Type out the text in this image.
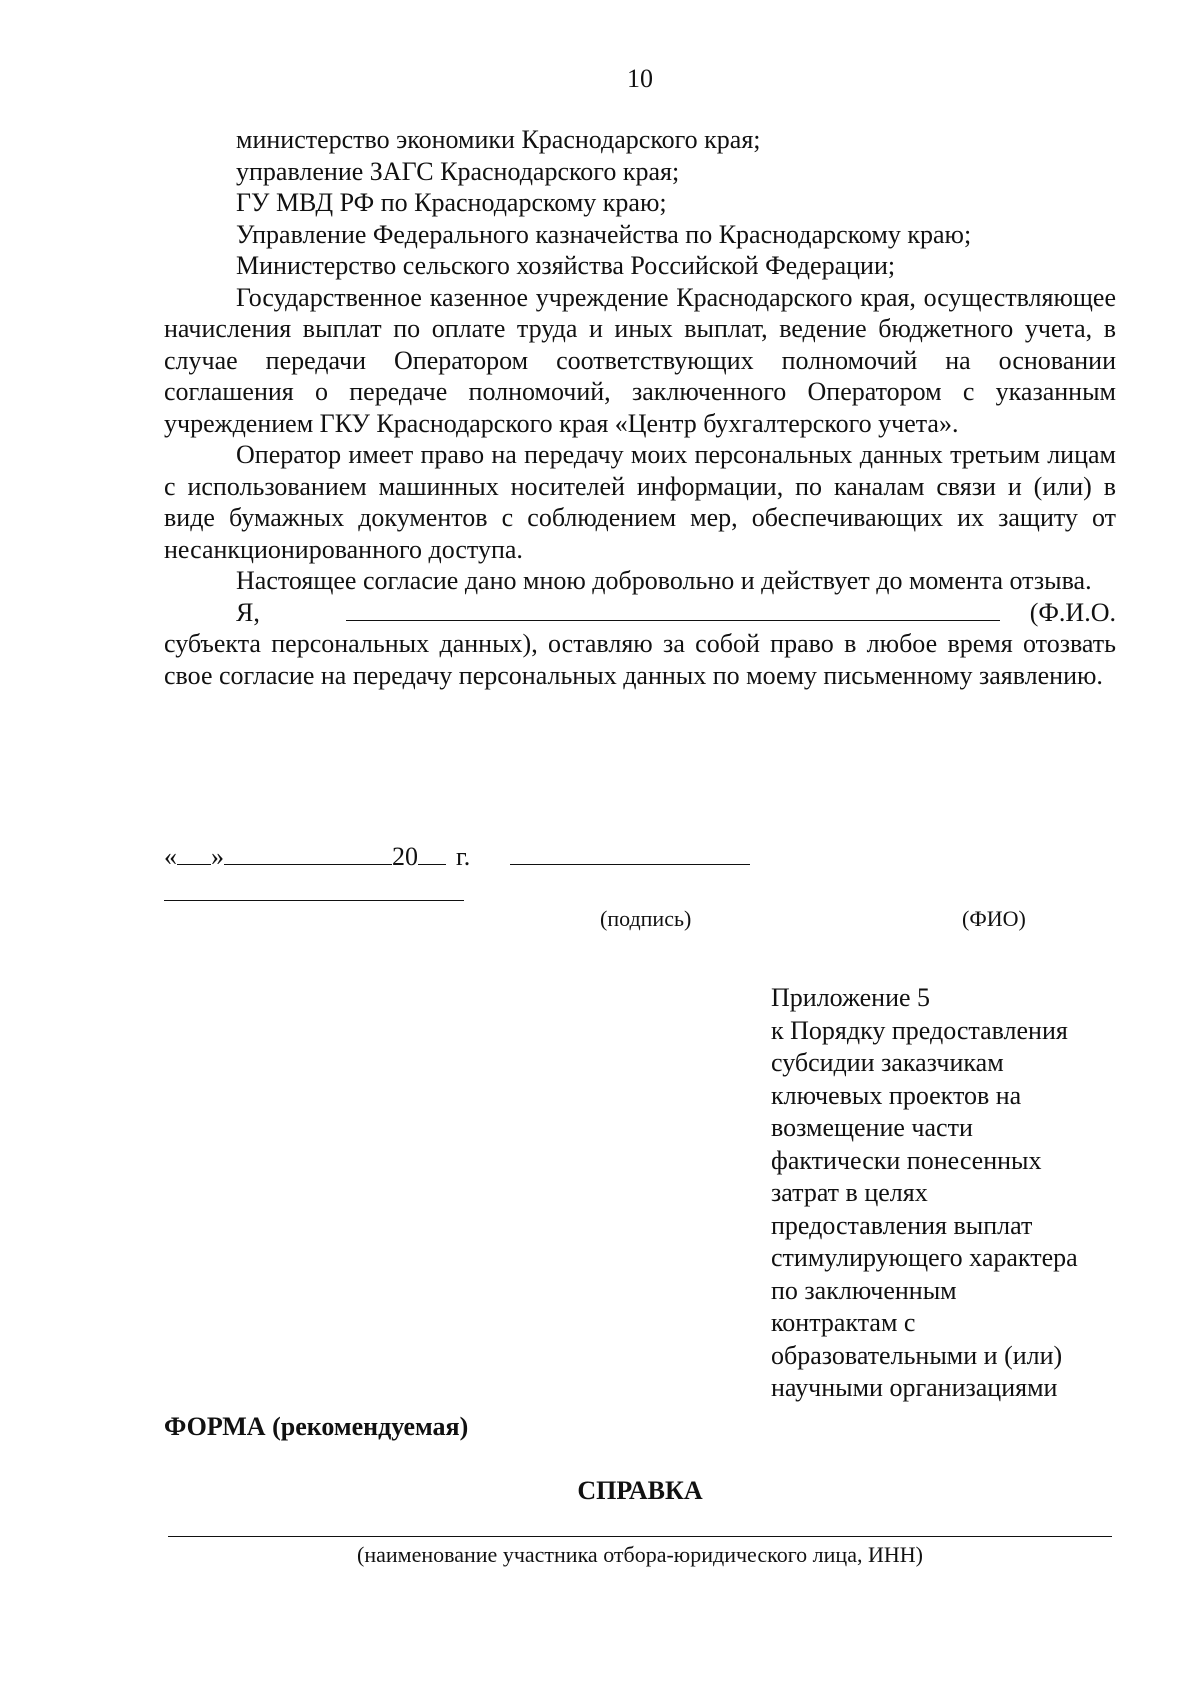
10

министерство экономики Краснодарского края;

управление ЗАГС Краснодарского края;

ГУ МВД РФ по Краснодарскому краю;

Управление Федерального казначейства по Краснодарскому краю;

Министерство сельского хозяйства Российской Федерации;

Государственное казенное учреждение Краснодарского края, осуществляющее начисления выплат по оплате труда и иных выплат, ведение бюджетного учета, в случае передачи Оператором соответствующих полномочий на основании соглашения о передаче полномочий, заключенного Оператором с указанным учреждением ГКУ Краснодарского края «Центр бухгалтерского учета».

Оператор имеет право на передачу моих персональных данных третьим лицам с использованием машинных носителей информации, по каналам связи и (или) в виде бумажных документов с соблюдением мер, обеспечивающих их защиту от несанкционированного доступа.

Настоящее согласие дано мною добровольно и действует до момента отзыва.

Я,	(Ф.И.О.

субъекта персональных данных), оставляю за собой право в любое время отозвать свое согласие на передачу персональных данных по моему письменному заявлению.

« »	20 г.
(подпись)	(ФИО)
Приложение 5
к Порядку предоставления
субсидии заказчикам
ключевых проектов на
возмещение части
фактически понесенных
затрат в целях
предоставления выплат
стимулирующего характера
по заключенным
контрактам с
образовательными и (или)
научными организациями
ФОРМА (рекомендуемая)
СПРАВКА
(наименование участника отбора-юридического лица, ИНН)
